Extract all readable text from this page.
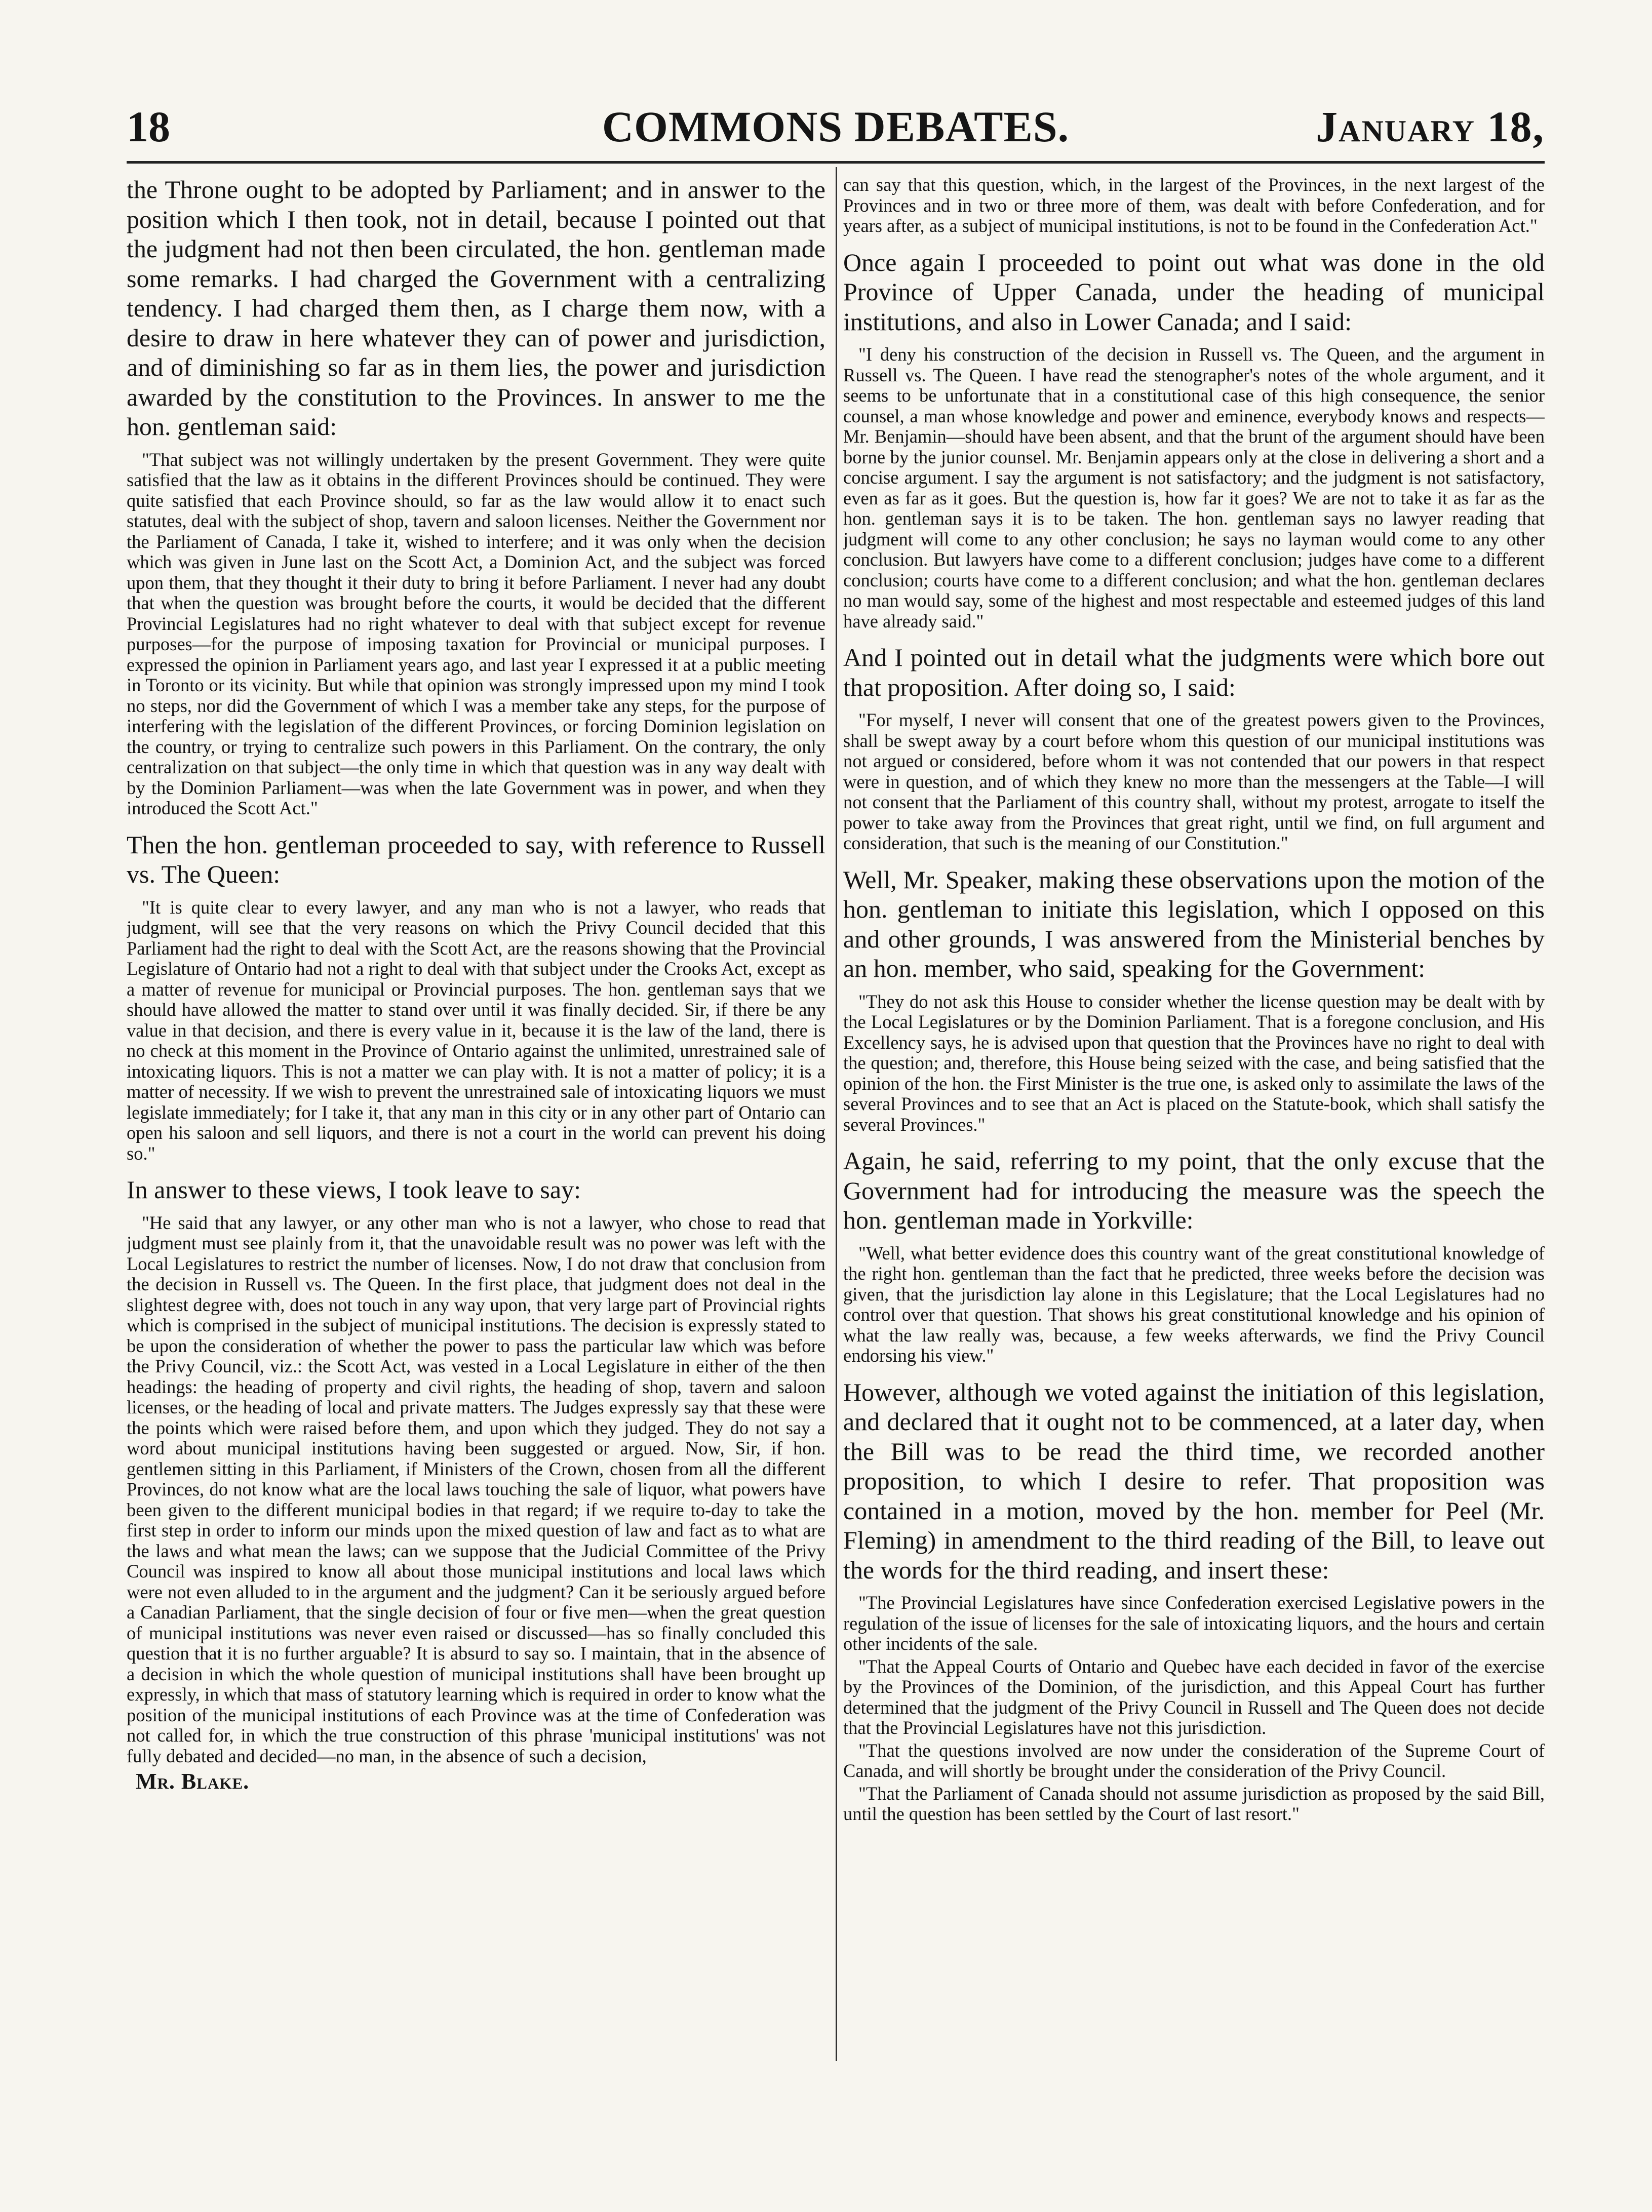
18	COMMONS DEBATES.	January 18,

the Throne ought to be adopted by Parliament; and in answer to the position which I then took, not in detail, because I pointed out that the judgment had not then been circulated, the hon. gentleman made some remarks. I had charged the Government with a centralizing tendency. I had charged them then, as I charge them now, with a desire to draw in here whatever they can of power and jurisdiction, and of diminishing so far as in them lies, the power and jurisdiction awarded by the constitution to the Provinces. In answer to me the hon. gentleman said:

"That subject was not willingly undertaken by the present Government. They were quite satisfied that the law as it obtains in the different Provinces should be continued. They were quite satisfied that each Province should, so far as the law would allow it to enact such statutes, deal with the subject of shop, tavern and saloon licenses. Neither the Government nor the Parliament of Canada, I take it, wished to interfere; and it was only when the decision which was given in June last on the Scott Act, a Dominion Act, and the subject was forced upon them, that they thought it their duty to bring it before Parliament. I never had any doubt that when the question was brought before the courts, it would be decided that the different Provincial Legislatures had no right whatever to deal with that subject except for revenue purposes—for the purpose of imposing taxation for Provincial or municipal purposes. I expressed the opinion in Parliament years ago, and last year I expressed it at a public meeting in Toronto or its vicinity. But while that opinion was strongly impressed upon my mind I took no steps, nor did the Government of which I was a member take any steps, for the purpose of interfering with the legislation of the different Provinces, or forcing Dominion legislation on the country, or trying to centralize such powers in this Parliament. On the contrary, the only centralization on that subject—the only time in which that question was in any way dealt with by the Dominion Parliament—was when the late Government was in power, and when they introduced the Scott Act."

Then the hon. gentleman proceeded to say, with reference to Russell vs. The Queen:

"It is quite clear to every lawyer, and any man who is not a lawyer, who reads that judgment, will see that the very reasons on which the Privy Council decided that this Parliament had the right to deal with the Scott Act, are the reasons showing that the Provincial Legislature of Ontario had not a right to deal with that subject under the Crooks Act, except as a matter of revenue for municipal or Provincial purposes. The hon. gentleman says that we should have allowed the matter to stand over until it was finally decided. Sir, if there be any value in that decision, and there is every value in it, because it is the law of the land, there is no check at this moment in the Province of Ontario against the unlimited, unrestrained sale of intoxicating liquors. This is not a matter we can play with. It is not a matter of policy; it is a matter of necessity. If we wish to prevent the unrestrained sale of intoxicating liquors we must legislate immediately; for I take it, that any man in this city or in any other part of Ontario can open his saloon and sell liquors, and there is not a court in the world can prevent his doing so."

In answer to these views, I took leave to say:

"He said that any lawyer, or any other man who is not a lawyer, who chose to read that judgment must see plainly from it, that the unavoidable result was no power was left with the Local Legislatures to restrict the number of licenses. Now, I do not draw that conclusion from the decision in Russell vs. The Queen. In the first place, that judgment does not deal in the slightest degree with, does not touch in any way upon, that very large part of Provincial rights which is comprised in the subject of municipal institutions. The decision is expressly stated to be upon the consideration of whether the power to pass the particular law which was before the Privy Council, viz.: the Scott Act, was vested in a Local Legislature in either of the then headings: the heading of property and civil rights, the heading of shop, tavern and saloon licenses, or the heading of local and private matters. The Judges expressly say that these were the points which were raised before them, and upon which they judged. They do not say a word about municipal institutions having been suggested or argued. Now, Sir, if hon. gentlemen sitting in this Parliament, if Ministers of the Crown, chosen from all the different Provinces, do not know what are the local laws touching the sale of liquor, what powers have been given to the different municipal bodies in that regard; if we require to-day to take the first step in order to inform our minds upon the mixed question of law and fact as to what are the laws and what mean the laws; can we suppose that the Judicial Committee of the Privy Council was inspired to know all about those municipal institutions and local laws which were not even alluded to in the argument and the judgment? Can it be seriously argued before a Canadian Parliament, that the single decision of four or five men—when the great question of municipal institutions was never even raised or discussed—has so finally concluded this question that it is no further arguable? It is absurd to say so. I maintain, that in the absence of a decision in which the whole question of municipal institutions shall have been brought up expressly, in which that mass of statutory learning which is required in order to know what the position of the municipal institutions of each Province was at the time of Confederation was not called for, in which the true construction of this phrase 'municipal institutions' was not fully debated and decided—no man, in the absence of such a decision,

Mr. Blake.

can say that this question, which, in the largest of the Provinces, in the next largest of the Provinces and in two or three more of them, was dealt with before Confederation, and for years after, as a subject of municipal institutions, is not to be found in the Confederation Act."

Once again I proceeded to point out what was done in the old Province of Upper Canada, under the heading of municipal institutions, and also in Lower Canada; and I said:

"I deny his construction of the decision in Russell vs. The Queen, and the argument in Russell vs. The Queen. I have read the stenographer's notes of the whole argument, and it seems to be unfortunate that in a constitutional case of this high consequence, the senior counsel, a man whose knowledge and power and eminence, everybody knows and respects—Mr. Benjamin—should have been absent, and that the brunt of the argument should have been borne by the junior counsel. Mr. Benjamin appears only at the close in delivering a short and a concise argument. I say the argument is not satisfactory; and the judgment is not satisfactory, even as far as it goes. But the question is, how far it goes? We are not to take it as far as the hon. gentleman says it is to be taken. The hon. gentleman says no lawyer reading that judgment will come to any other conclusion; he says no layman would come to any other conclusion. But lawyers have come to a different conclusion; judges have come to a different conclusion; courts have come to a different conclusion; and what the hon. gentleman declares no man would say, some of the highest and most respectable and esteemed judges of this land have already said."

And I pointed out in detail what the judgments were which bore out that proposition. After doing so, I said:

"For myself, I never will consent that one of the greatest powers given to the Provinces, shall be swept away by a court before whom this question of our municipal institutions was not argued or considered, before whom it was not contended that our powers in that respect were in question, and of which they knew no more than the messengers at the Table—I will not consent that the Parliament of this country shall, without my protest, arrogate to itself the power to take away from the Provinces that great right, until we find, on full argument and consideration, that such is the meaning of our Constitution."

Well, Mr. Speaker, making these observations upon the motion of the hon. gentleman to initiate this legislation, which I opposed on this and other grounds, I was answered from the Ministerial benches by an hon. member, who said, speaking for the Government:

"They do not ask this House to consider whether the license question may be dealt with by the Local Legislatures or by the Dominion Parliament. That is a foregone conclusion, and His Excellency says, he is advised upon that question that the Provinces have no right to deal with the question; and, therefore, this House being seized with the case, and being satisfied that the opinion of the hon. the First Minister is the true one, is asked only to assimilate the laws of the several Provinces and to see that an Act is placed on the Statute-book, which shall satisfy the several Provinces."

Again, he said, referring to my point, that the only excuse that the Government had for introducing the measure was the speech the hon. gentleman made in Yorkville:

"Well, what better evidence does this country want of the great constitutional knowledge of the right hon. gentleman than the fact that he predicted, three weeks before the decision was given, that the jurisdiction lay alone in this Legislature; that the Local Legislatures had no control over that question. That shows his great constitutional knowledge and his opinion of what the law really was, because, a few weeks afterwards, we find the Privy Council endorsing his view."

However, although we voted against the initiation of this legislation, and declared that it ought not to be commenced, at a later day, when the Bill was to be read the third time, we recorded another proposition, to which I desire to refer. That proposition was contained in a motion, moved by the hon. member for Peel (Mr. Fleming) in amendment to the third reading of the Bill, to leave out the words for the third reading, and insert these:

"The Provincial Legislatures have since Confederation exercised Legislative powers in the regulation of the issue of licenses for the sale of intoxicating liquors, and the hours and certain other incidents of the sale.

"That the Appeal Courts of Ontario and Quebec have each decided in favor of the exercise by the Provinces of the Dominion, of the jurisdiction, and this Appeal Court has further determined that the judgment of the Privy Council in Russell and The Queen does not decide that the Provincial Legislatures have not this jurisdiction.

"That the questions involved are now under the consideration of the Supreme Court of Canada, and will shortly be brought under the consideration of the Privy Council.

"That the Parliament of Canada should not assume jurisdiction as proposed by the said Bill, until the question has been settled by the Court of last resort."
